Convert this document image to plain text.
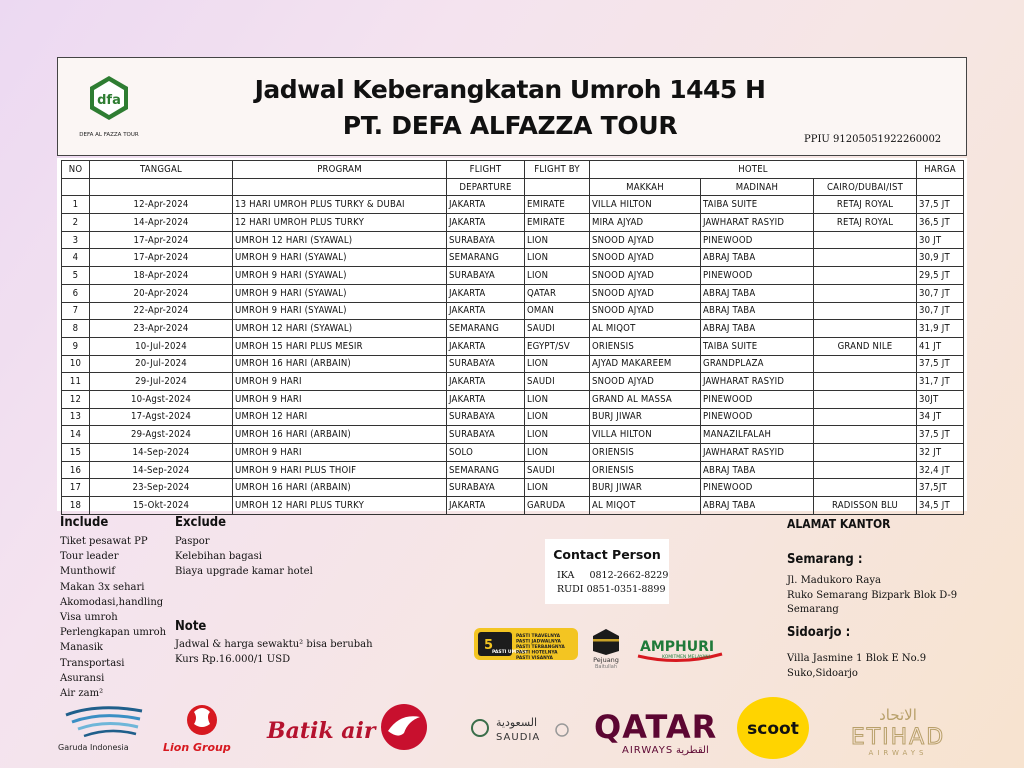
dfa
DEFA AL FAZZA TOUR
Jadwal Keberangkatan Umroh 1445 H
PT. DEFA ALFAZZA TOUR	PPIU 91205051922260002
NO	TANGGAL	PROGRAM	FLIGHT	FLIGHT BY	HOTEL			HARGA
			DEPARTURE		MAKKAH	MADINAH	CAIRO/DUBAI/IST	
1	12-Apr-2024	13 HARI UMROH PLUS TURKY & DUBAI	JAKARTA	EMIRATE	VILLA HILTON	TAIBA SUITE	RETAJ ROYAL	37,5 JT
2	14-Apr-2024	12 HARI UMROH PLUS TURKY	JAKARTA	EMIRATE	MIRA AJYAD	JAWHARAT RASYID	RETAJ ROYAL	36,5 JT
3	17-Apr-2024	UMROH 12 HARI (SYAWAL)	SURABAYA	LION	SNOOD AJYAD	PINEWOOD		30 JT
4	17-Apr-2024	UMROH 9 HARI (SYAWAL)	SEMARANG	LION	SNOOD AJYAD	ABRAJ TABA		30,9 JT
5	18-Apr-2024	UMROH 9 HARI (SYAWAL)	SURABAYA	LION	SNOOD AJYAD	PINEWOOD		29,5 JT
6	20-Apr-2024	UMROH 9 HARI (SYAWAL)	JAKARTA	QATAR	SNOOD AJYAD	ABRAJ TABA		30,7 JT
7	22-Apr-2024	UMROH 9 HARI (SYAWAL)	JAKARTA	OMAN	SNOOD AJYAD	ABRAJ TABA		30,7 JT
8	23-Apr-2024	UMROH 12 HARI (SYAWAL)	SEMARANG	SAUDI	AL MIQOT	ABRAJ TABA		31,9 JT
9	10-Jul-2024	UMROH 15 HARI PLUS MESIR	JAKARTA	EGYPT/SV	ORIENSIS	TAIBA SUITE	GRAND NILE	41 JT
10	20-Jul-2024	UMROH 16 HARI (ARBAIN)	SURABAYA	LION	AJYAD MAKAREEM	GRANDPLAZA		37,5 JT
11	29-Jul-2024	UMROH 9 HARI	JAKARTA	SAUDI	SNOOD AJYAD	JAWHARAT RASYID		31,7 JT
12	10-Agst-2024	UMROH 9 HARI	JAKARTA	LION	GRAND AL MASSA	PINEWOOD		30JT
13	17-Agst-2024	UMROH 12 HARI	SURABAYA	LION	BURJ JIWAR	PINEWOOD		34 JT
14	29-Agst-2024	UMROH 16 HARI (ARBAIN)	SURABAYA	LION	VILLA HILTON	MANAZILFALAH		37,5 JT
15	14-Sep-2024	UMROH 9 HARI	SOLO	LION	ORIENSIS	JAWHARAT RASYID		32 JT
16	14-Sep-2024	UMROH 9 HARI PLUS THOIF	SEMARANG	SAUDI	ORIENSIS	ABRAJ TABA		32,4 JT
17	23-Sep-2024	UMROH 16 HARI (ARBAIN)	SURABAYA	LION	BURJ JIWAR	PINEWOOD		37,5JT
18	15-Okt-2024	UMROH 12 HARI PLUS TURKY	JAKARTA	GARUDA	AL MIQOT	ABRAJ TABA	RADISSON BLU	34,5 JT
Include
Tiket pesawat PP
Tour leader
Munthowif
Makan 3x sehari
Akomodasi,handling
Visa umroh
Perlengkapan umroh
Manasik
Transportasi
Asuransi
Air zam²
Exclude
Paspor
Kelebihan bagasi
Biaya upgrade kamar hotel
Note
Jadwal & harga sewaktu² bisa berubah
Kurs Rp.16.000/1 USD
Contact Person
IKA 0812-2662-8229
RUDI 0851-0351-8899
5
PASTI UMRAH
PASTI TRAVELNYA
PASTI JADWALNYA
PASTI TERBANGNYA
PASTI HOTELNYA
PASTI VISANYA	Pejuang
Baitullah
AMPHURI
KOMITMEN MELAYANI
ALAMAT KANTOR
Semarang :
Jl. Madukoro Raya
Ruko Semarang Bizpark Blok D-9
Semarang
Sidoarjo :
Villa Jasmine 1 Blok E No.9
Suko,Sidoarjo
Garuda Indonesia	Lion Group
Batik air	السعودية
SAUDIA QATAR
AIRWAYS القطرية
scoot
الاتحاد
ETIHAD
AIRWAYS
